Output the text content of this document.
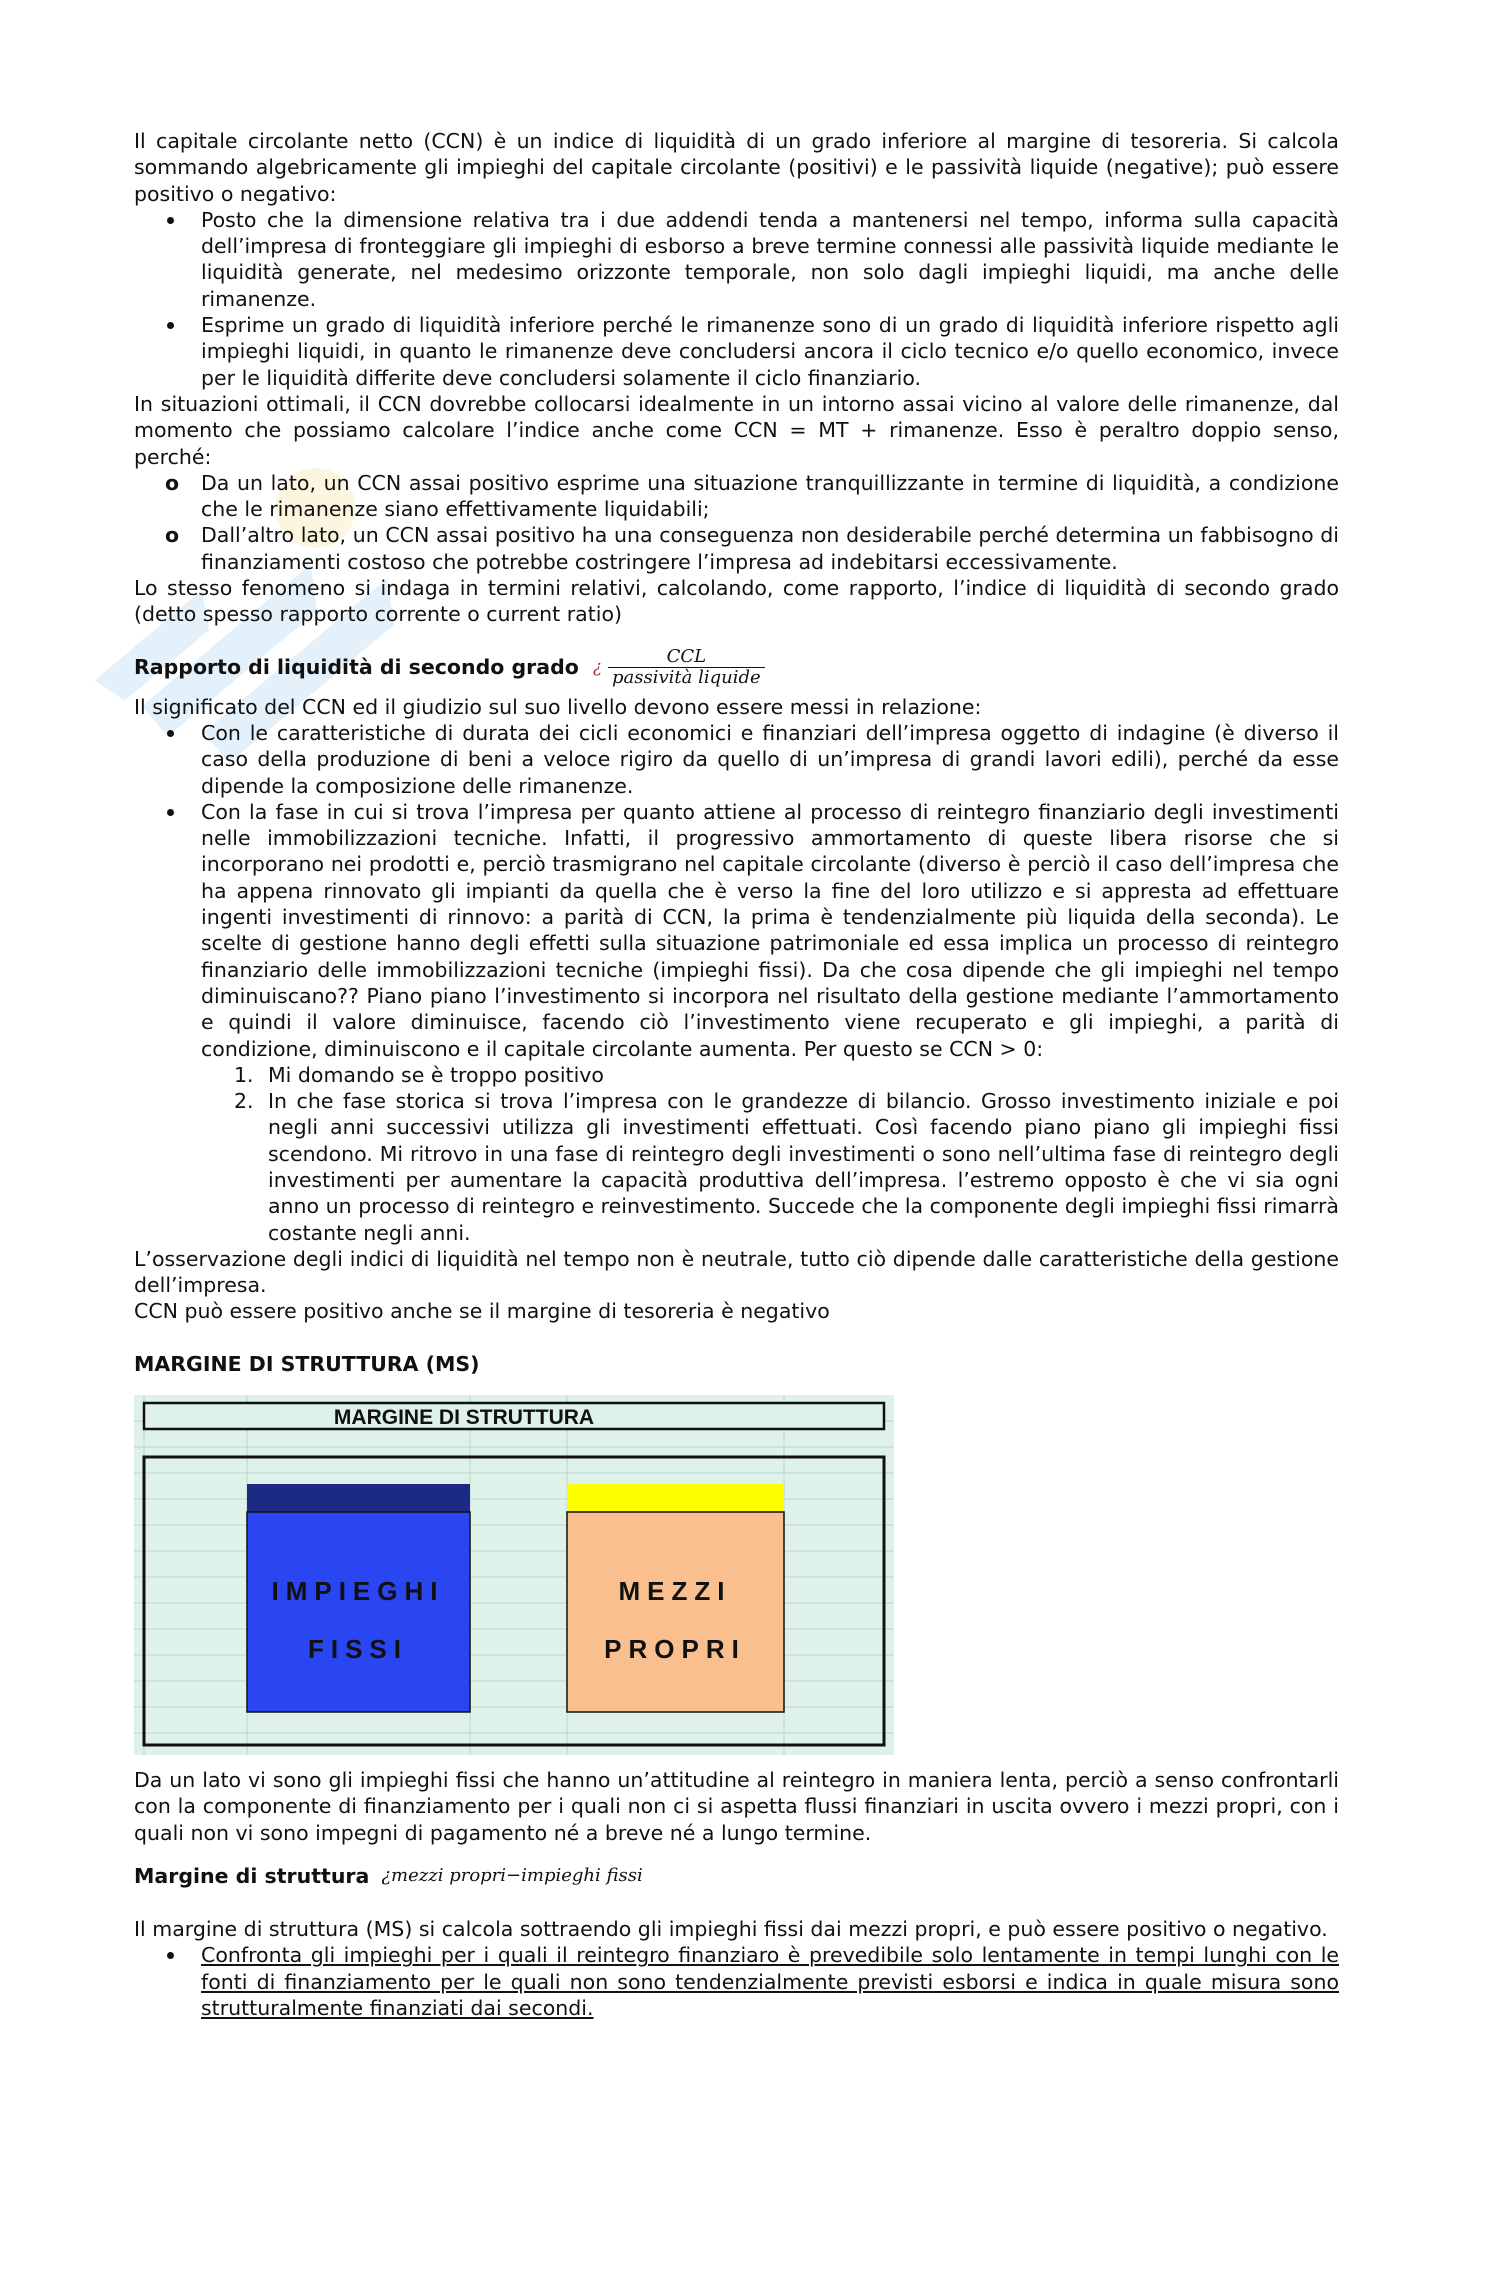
Il capitale circolante netto (CCN) è un indice di liquidità di un grado inferiore al margine di tesoreria. Si calcola sommando algebricamente gli impieghi del capitale circolante (positivi) e le passività liquide (negative); può essere positivo o negativo:

Posto che la dimensione relativa tra i due addendi tenda a mantenersi nel tempo, informa sulla capacità dell’impresa di fronteggiare gli impieghi di esborso a breve termine connessi alle passività liquide mediante le liquidità generate, nel medesimo orizzonte temporale, non solo dagli impieghi liquidi, ma anche delle rimanenze.
Esprime un grado di liquidità inferiore perché le rimanenze sono di un grado di liquidità inferiore rispetto agli impieghi liquidi, in quanto le rimanenze deve concludersi ancora il ciclo tecnico e/o quello economico, invece per le liquidità differite deve concludersi solamente il ciclo finanziario.

In situazioni ottimali, il CCN dovrebbe collocarsi idealmente in un intorno assai vicino al valore delle rimanenze, dal momento che possiamo calcolare l’indice anche come CCN = MT + rimanenze. Esso è peraltro doppio senso, perché:

o Da un lato, un CCN assai positivo esprime una situazione tranquillizzante in termine di liquidità, a condizione che le rimanenze siano effettivamente liquidabili;
o Dall’altro lato, un CCN assai positivo ha una conseguenza non desiderabile perché determina un fabbisogno di finanziamenti costoso che potrebbe costringere l’impresa ad indebitarsi eccessivamente.

Lo stesso fenomeno si indaga in termini relativi, calcolando, come rapporto, l’indice di liquidità di secondo grado (detto spesso rapporto corrente o current ratio)

Rapporto di liquidità di secondo grado ¿ $\frac{\text{CCL}}{\text{passività liquide}}$

Il significato del CCN ed il giudizio sul suo livello devono essere messi in relazione:

Con le caratteristiche di durata dei cicli economici e finanziari dell’impresa oggetto di indagine (è diverso il caso della produzione di beni a veloce rigiro da quello di un’impresa di grandi lavori edili), perché da esse dipende la composizione delle rimanenze.
Con la fase in cui si trova l’impresa per quanto attiene al processo di reintegro finanziario degli investimenti nelle immobilizzazioni tecniche. Infatti, il progressivo ammortamento di queste libera risorse che si incorporano nei prodotti e, perciò trasmigrano nel capitale circolante (diverso è perciò il caso dell’impresa che ha appena rinnovato gli impianti da quella che è verso la fine del loro utilizzo e si appresta ad effettuare ingenti investimenti di rinnovo: a parità di CCN, la prima è tendenzialmente più liquida della seconda). Le scelte di gestione hanno degli effetti sulla situazione patrimoniale ed essa implica un processo di reintegro finanziario delle immobilizzazioni tecniche (impieghi fissi). Da che cosa dipende che gli impieghi nel tempo diminuiscano?? Piano piano l’investimento si incorpora nel risultato della gestione mediante l’ammortamento e quindi il valore diminuisce, facendo ciò l’investimento viene recuperato e gli impieghi, a parità di condizione, diminuiscono e il capitale circolante aumenta. Per questo se CCN > 0:
1. Mi domando se è troppo positivo
2. In che fase storica si trova l’impresa con le grandezze di bilancio. Grosso investimento iniziale e poi negli anni successivi utilizza gli investimenti effettuati. Così facendo piano piano gli impieghi fissi scendono. Mi ritrovo in una fase di reintegro degli investimenti o sono nell’ultima fase di reintegro degli investimenti per aumentare la capacità produttiva dell’impresa. l’estremo opposto è che vi sia ogni anno un processo di reintegro e reinvestimento. Succede che la componente degli impieghi fissi rimarrà costante negli anni.

L’osservazione degli indici di liquidità nel tempo non è neutrale, tutto ciò dipende dalle caratteristiche della gestione dell’impresa.

CCN può essere positivo anche se il margine di tesoreria è negativo

MARGINE DI STRUTTURA (MS)

MARGINE DI STRUTTURA
IMPIEGHI
FISSI
MEZZI
PROPRI

Da un lato vi sono gli impieghi fissi che hanno un’attitudine al reintegro in maniera lenta, perciò a senso confrontarli con la componente di finanziamento per i quali non ci si aspetta flussi finanziari in uscita ovvero i mezzi propri, con i quali non vi sono impegni di pagamento né a breve né a lungo termine.

Margine di struttura ¿mezzi propri−impieghi fissi

Il margine di struttura (MS) si calcola sottraendo gli impieghi fissi dai mezzi propri, e può essere positivo o negativo.

Confronta gli impieghi per i quali il reintegro finanziaro è prevedibile solo lentamente in tempi lunghi con le fonti di finanziamento per le quali non sono tendenzialmente previsti esborsi e indica in quale misura sono strutturalmente finanziati dai secondi.
